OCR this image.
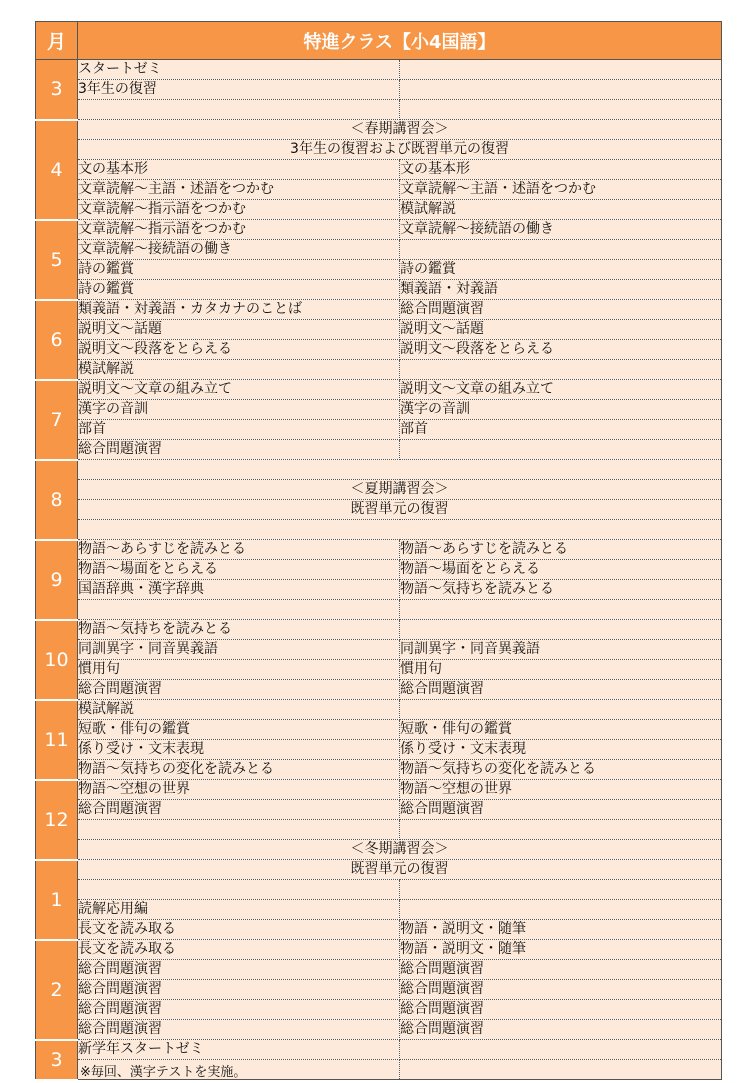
月	特進クラス【小4国語】	
3	スタートゼミ	
	3年生の復習	

4	＜春期講習会＞	
	3年生の復習および既習単元の復習	
	文の基本形	文の基本形
	文章読解～主語・述語をつかむ	文章読解～主語・述語をつかむ
	文章読解～指示語をつかむ	模試解説
5	文章読解～指示語をつかむ	文章読解～接続語の働き
	文章読解～接続語の働き	
	詩の鑑賞	詩の鑑賞
	詩の鑑賞	類義語・対義語
6	類義語・対義語・カタカナのことば	総合問題演習
	説明文～話題	説明文～話題
	説明文～段落をとらえる	説明文～段落をとらえる
	模試解説	
7	説明文～文章の組み立て	説明文～文章の組み立て
	漢字の音訓	漢字の音訓
	部首	部首
	総合問題演習	
8		
	＜夏期講習会＞	
	既習単元の復習	

9	物語～あらすじを読みとる	物語～あらすじを読みとる
	物語～場面をとらえる	物語～場面をとらえる
	国語辞典・漢字辞典	物語～気持ちを読みとる

10	物語～気持ちを読みとる	
	同訓異字・同音異義語	同訓異字・同音異義語
	慣用句	慣用句
	総合問題演習	総合問題演習
11	模試解説	
	短歌・俳句の鑑賞	短歌・俳句の鑑賞
	係り受け・文末表現	係り受け・文末表現
	物語～気持ちの変化を読みとる	物語～気持ちの変化を読みとる
12	物語～空想の世界	物語～空想の世界
	総合問題演習	総合問題演習

	＜冬期講習会＞	
1	既習単元の復習	

	読解応用編	
	長文を読み取る	物語・説明文・随筆
2	長文を読み取る	物語・説明文・随筆
	総合問題演習	総合問題演習
	総合問題演習	総合問題演習
	総合問題演習	総合問題演習
	総合問題演習	総合問題演習
3	新学年スタートゼミ	

※毎回、漢字テストを実施。
